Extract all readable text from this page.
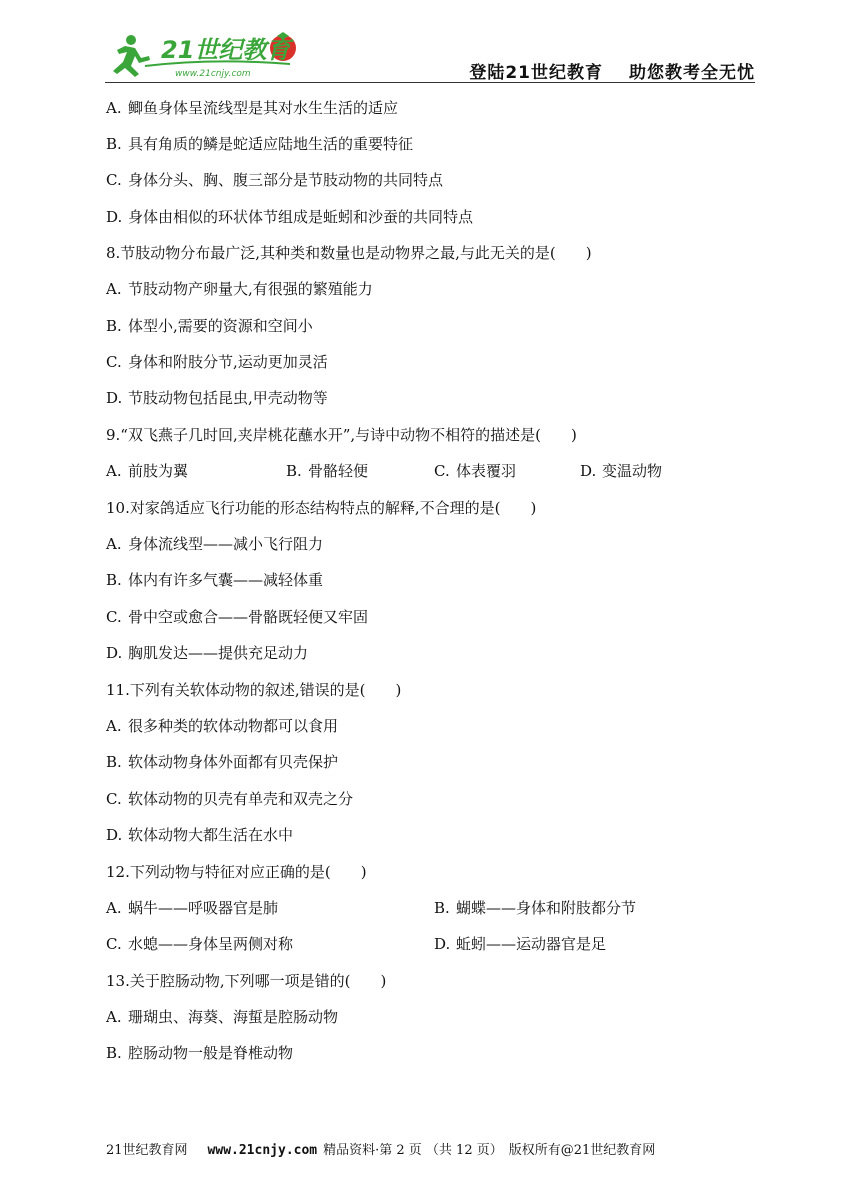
21世纪教育
www.21cnjy.com	登陆21世纪教育 助您教考全无忧
A. 鲫鱼身体呈流线型是其对水生生活的适应
B. 具有角质的鳞是蛇适应陆地生活的重要特征
C. 身体分头、胸、腹三部分是节肢动物的共同特点
D. 身体由相似的环状体节组成是蚯蚓和沙蚕的共同特点
8.节肢动物分布最广泛,其种类和数量也是动物界之最,与此无关的是(　　)
A. 节肢动物产卵量大,有很强的繁殖能力
B. 体型小,需要的资源和空间小
C. 身体和附肢分节,运动更加灵活
D. 节肢动物包括昆虫,甲壳动物等
9.“双飞燕子几时回,夹岸桃花蘸水开”,与诗中动物不相符的描述是(　　)
A. 前肢为翼	B. 骨骼轻便	C. 体表覆羽	D. 变温动物
10.对家鸽适应飞行功能的形态结构特点的解释,不合理的是(　　)
A. 身体流线型——减小飞行阻力
B. 体内有许多气囊——减轻体重
C. 骨中空或愈合——骨骼既轻便又牢固
D. 胸肌发达——提供充足动力
11.下列有关软体动物的叙述,错误的是(　　)
A. 很多种类的软体动物都可以食用
B. 软体动物身体外面都有贝壳保护
C. 软体动物的贝壳有单壳和双壳之分
D. 软体动物大都生活在水中
12.下列动物与特征对应正确的是(　　)
A. 蜗牛——呼吸器官是肺	B. 蝴蝶——身体和附肢都分节
C. 水螅——身体呈两侧对称	D. 蚯蚓——运动器官是足
13.关于腔肠动物,下列哪一项是错的(　　)
A. 珊瑚虫、海葵、海蜇是腔肠动物
B. 腔肠动物一般是脊椎动物
21世纪教育网 www.21cnjy.com 精品资料·第 2 页 （共 12 页） 版权所有@21世纪教育网
